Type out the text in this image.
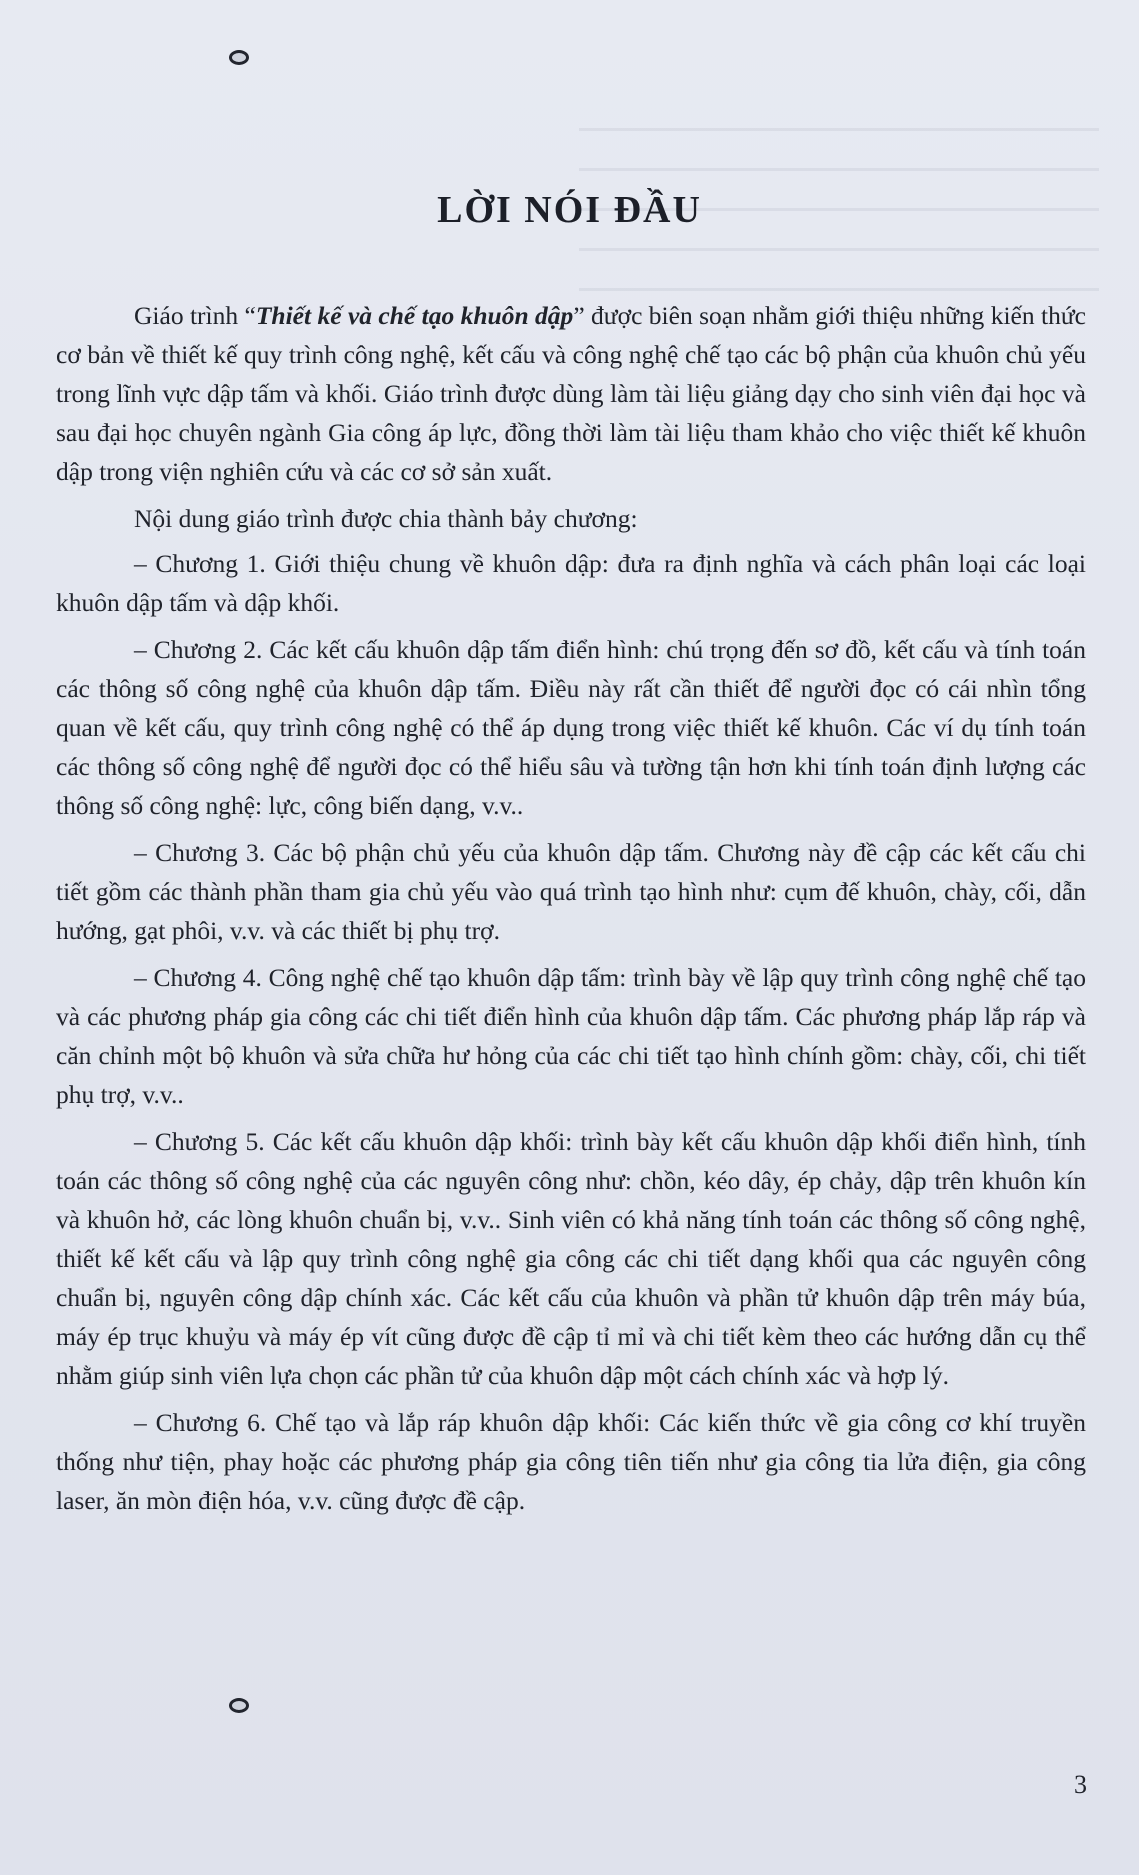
LỜI NÓI ĐẦU

Giáo trình “Thiết kế và chế tạo khuôn dập” được biên soạn nhằm giới thiệu những kiến thức cơ bản về thiết kế quy trình công nghệ, kết cấu và công nghệ chế tạo các bộ phận của khuôn chủ yếu trong lĩnh vực dập tấm và khối. Giáo trình được dùng làm tài liệu giảng dạy cho sinh viên đại học và sau đại học chuyên ngành Gia công áp lực, đồng thời làm tài liệu tham khảo cho việc thiết kế khuôn dập trong viện nghiên cứu và các cơ sở sản xuất.

Nội dung giáo trình được chia thành bảy chương:

– Chương 1. Giới thiệu chung về khuôn dập: đưa ra định nghĩa và cách phân loại các loại khuôn dập tấm và dập khối.

– Chương 2. Các kết cấu khuôn dập tấm điển hình: chú trọng đến sơ đồ, kết cấu và tính toán các thông số công nghệ của khuôn dập tấm. Điều này rất cần thiết để người đọc có cái nhìn tổng quan về kết cấu, quy trình công nghệ có thể áp dụng trong việc thiết kế khuôn. Các ví dụ tính toán các thông số công nghệ để người đọc có thể hiểu sâu và tường tận hơn khi tính toán định lượng các thông số công nghệ: lực, công biến dạng, v.v..

– Chương 3. Các bộ phận chủ yếu của khuôn dập tấm. Chương này đề cập các kết cấu chi tiết gồm các thành phần tham gia chủ yếu vào quá trình tạo hình như: cụm đế khuôn, chày, cối, dẫn hướng, gạt phôi, v.v. và các thiết bị phụ trợ.

– Chương 4. Công nghệ chế tạo khuôn dập tấm: trình bày về lập quy trình công nghệ chế tạo và các phương pháp gia công các chi tiết điển hình của khuôn dập tấm. Các phương pháp lắp ráp và căn chỉnh một bộ khuôn và sửa chữa hư hỏng của các chi tiết tạo hình chính gồm: chày, cối, chi tiết phụ trợ, v.v..

– Chương 5. Các kết cấu khuôn dập khối: trình bày kết cấu khuôn dập khối điển hình, tính toán các thông số công nghệ của các nguyên công như: chồn, kéo dây, ép chảy, dập trên khuôn kín và khuôn hở, các lòng khuôn chuẩn bị, v.v.. Sinh viên có khả năng tính toán các thông số công nghệ, thiết kế kết cấu và lập quy trình công nghệ gia công các chi tiết dạng khối qua các nguyên công chuẩn bị, nguyên công dập chính xác. Các kết cấu của khuôn và phần tử khuôn dập trên máy búa, máy ép trục khuỷu và máy ép vít cũng được đề cập tỉ mỉ và chi tiết kèm theo các hướng dẫn cụ thể nhằm giúp sinh viên lựa chọn các phần tử của khuôn dập một cách chính xác và hợp lý.

– Chương 6. Chế tạo và lắp ráp khuôn dập khối: Các kiến thức về gia công cơ khí truyền thống như tiện, phay hoặc các phương pháp gia công tiên tiến như gia công tia lửa điện, gia công laser, ăn mòn điện hóa, v.v. cũng được đề cập.

3
